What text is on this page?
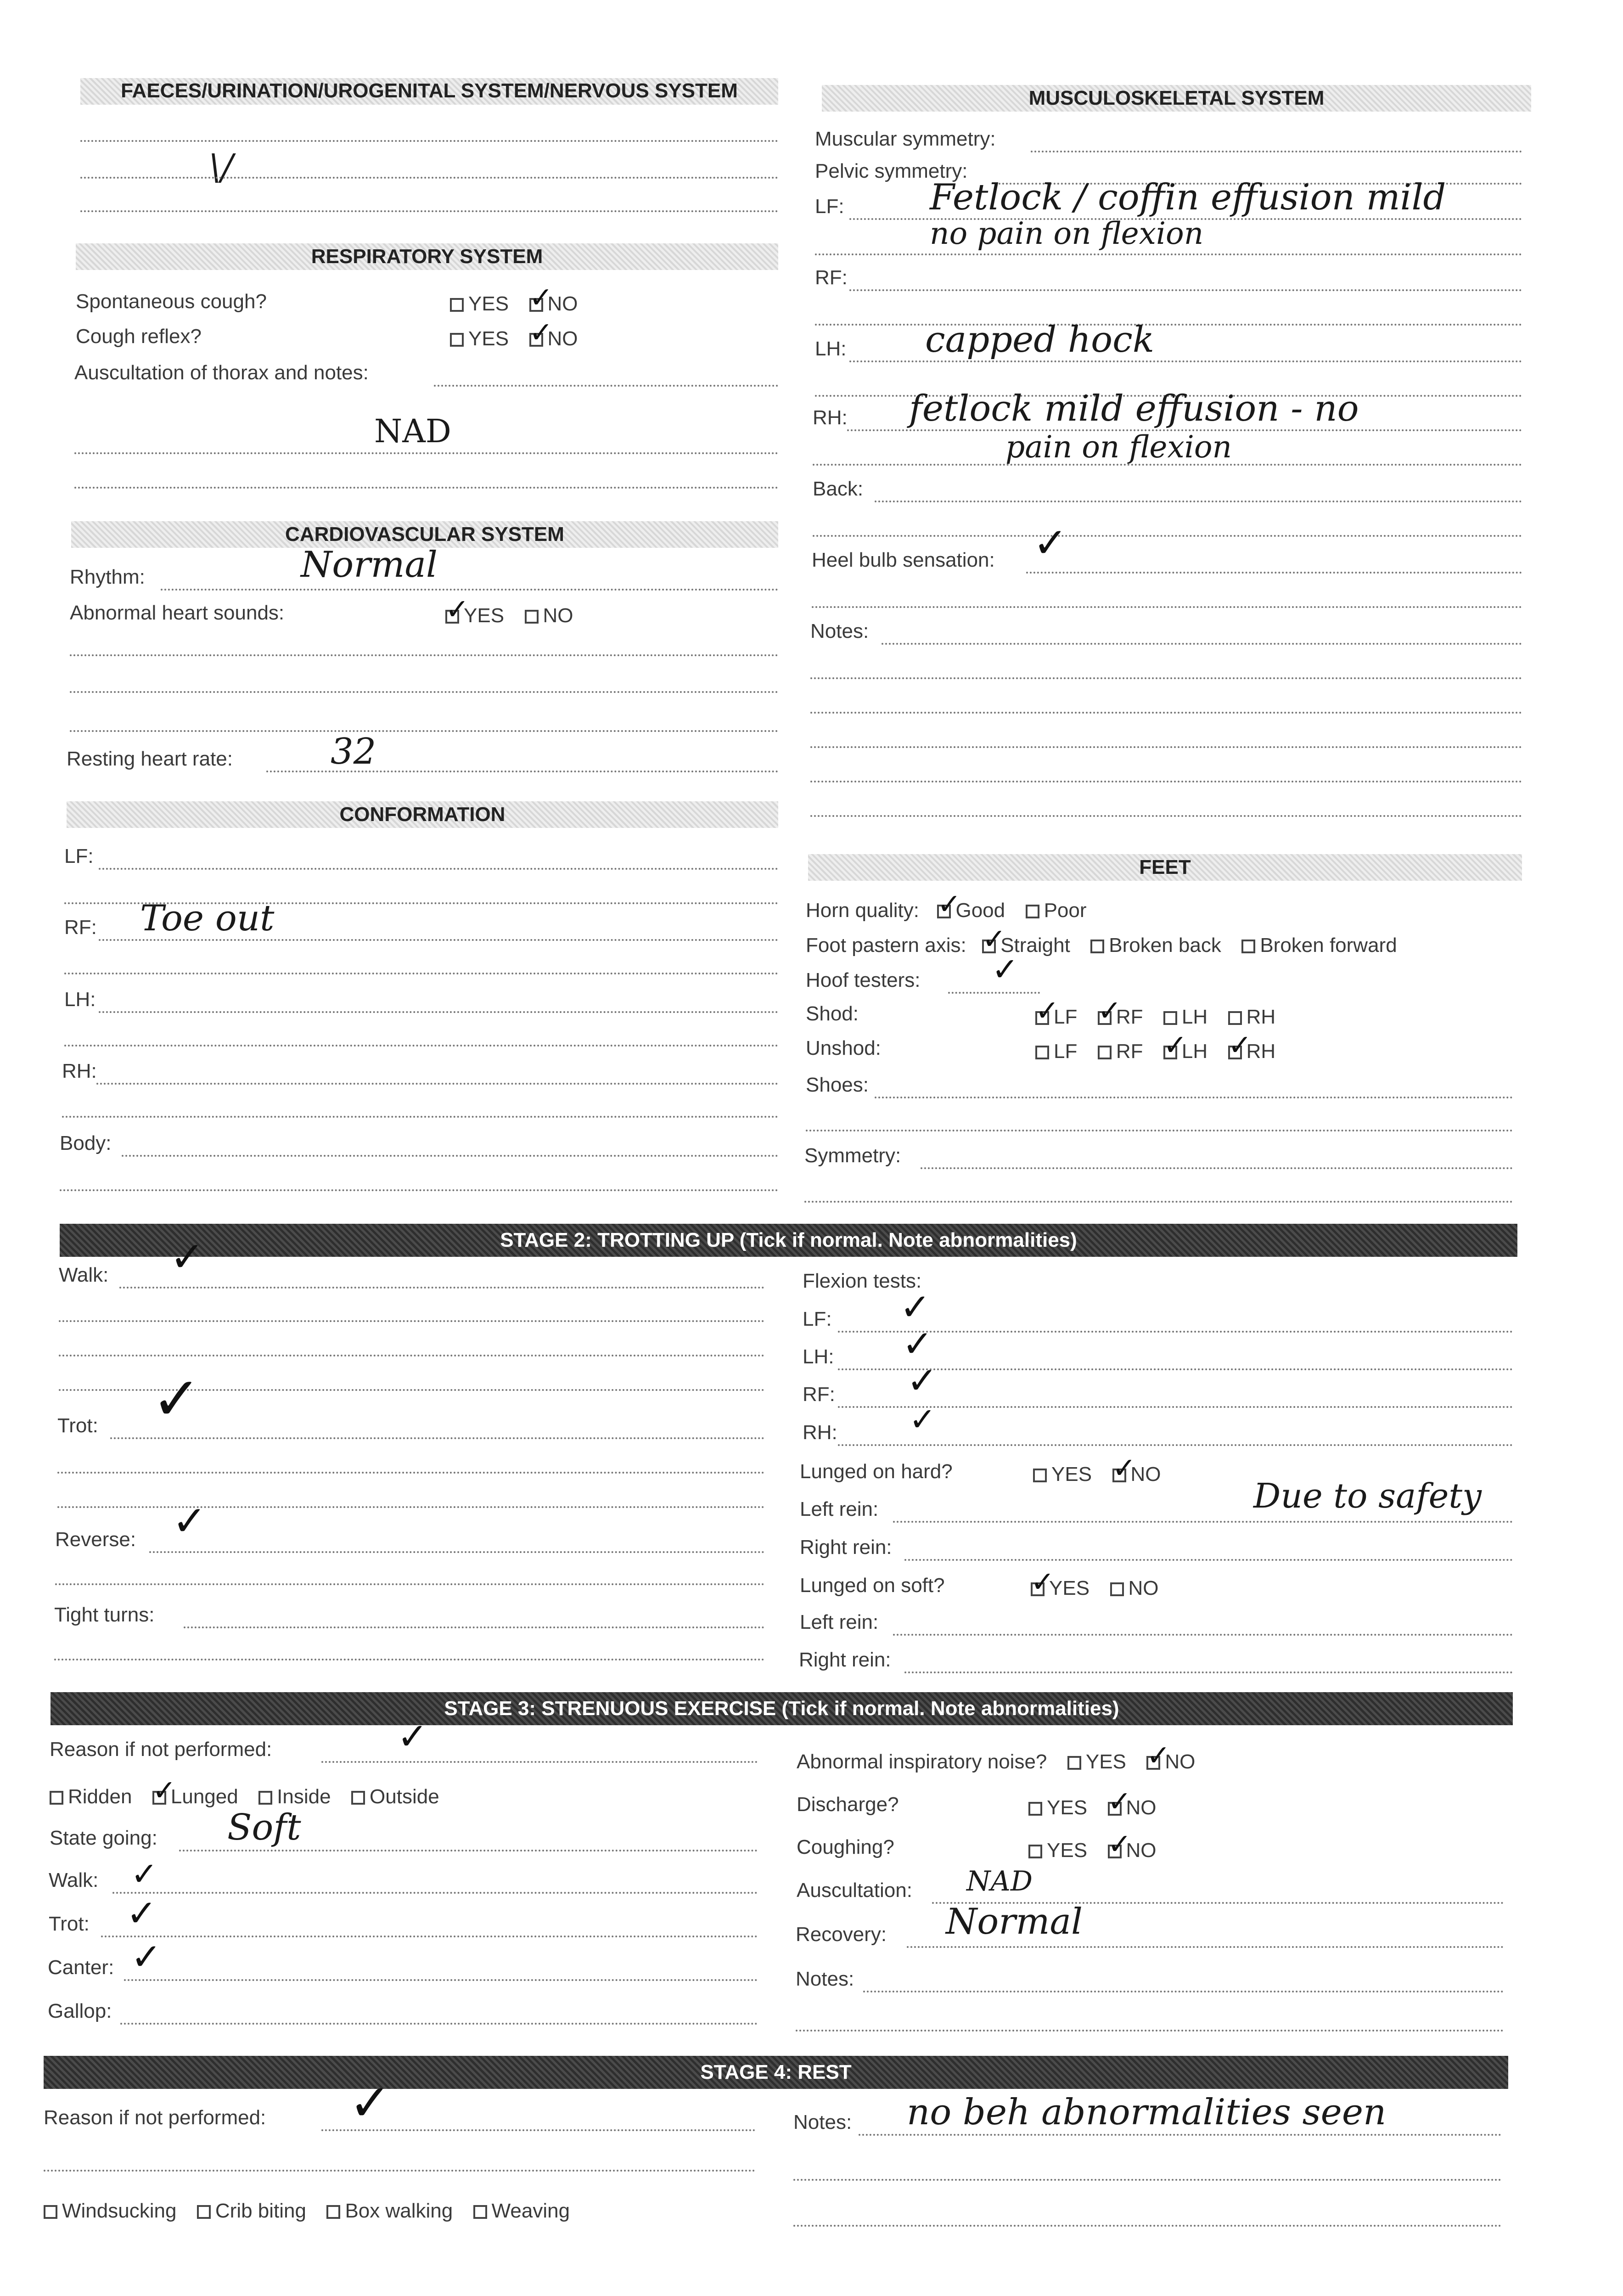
FAECES/URINATION/UROGENITAL SYSTEM/NERVOUS SYSTEM
\/
RESPIRATORY SYSTEM
Spontaneous cough?	YES ✓ NO
Cough reflex?	YES ✓ NO
Auscultation of thorax and notes:
NAD
CARDIOVASCULAR SYSTEM
Rhythm:	Normal
Abnormal heart sounds: ✓	YES NO
Resting heart rate:	32
CONFORMATION
LF:
RF: Toe out
LH:
RH:
Body:
MUSCULOSKELETAL SYSTEM
Muscular symmetry:
Pelvic symmetry:
LF: Fetlock / coffin effusion mild
no pain on flexion
RF:
LH: capped hock
RH: fetlock mild effusion - no
pain on flexion
Back:
Heel bulb sensation: ✓
Notes:
FEET
Horn quality: ✓ Good Poor
Foot pastern axis: ✓ Straight Broken back Broken forward
Hoof testers: ✓
Shod: ✓	LF ✓ RF LH RH
Unshod:	LF RF ✓ LH ✓ RH
Shoes:
Symmetry:
STAGE 2: TROTTING UP (Tick if normal. Note abnormalities)
Walk: ✓
Trot: ✓
Reverse: ✓
Tight turns:
Flexion tests:
LF: ✓
LH: ✓
RF: ✓
RH: ✓
Lunged on hard?	YES ✓ NO
Left rein:	Due to safety
Right rein:
Lunged on soft? ✓	YES NO
Left rein:
Right rein:
STAGE 3: STRENUOUS EXERCISE (Tick if normal. Note abnormalities)
Reason if not performed:	✓
Ridden ✓ Lunged Inside Outside
State going: Soft
Walk: ✓
Trot: ✓
Canter: ✓
Gallop:
Abnormal inspiratory noise? YES ✓ NO
Discharge?	YES ✓ NO
Coughing?	YES ✓ NO
Auscultation: NAD
Recovery: Normal
Notes:
STAGE 4: REST
Reason if not performed: ✓	Notes: no beh abnormalities seen
Windsucking Crib biting Box walking Weaving
